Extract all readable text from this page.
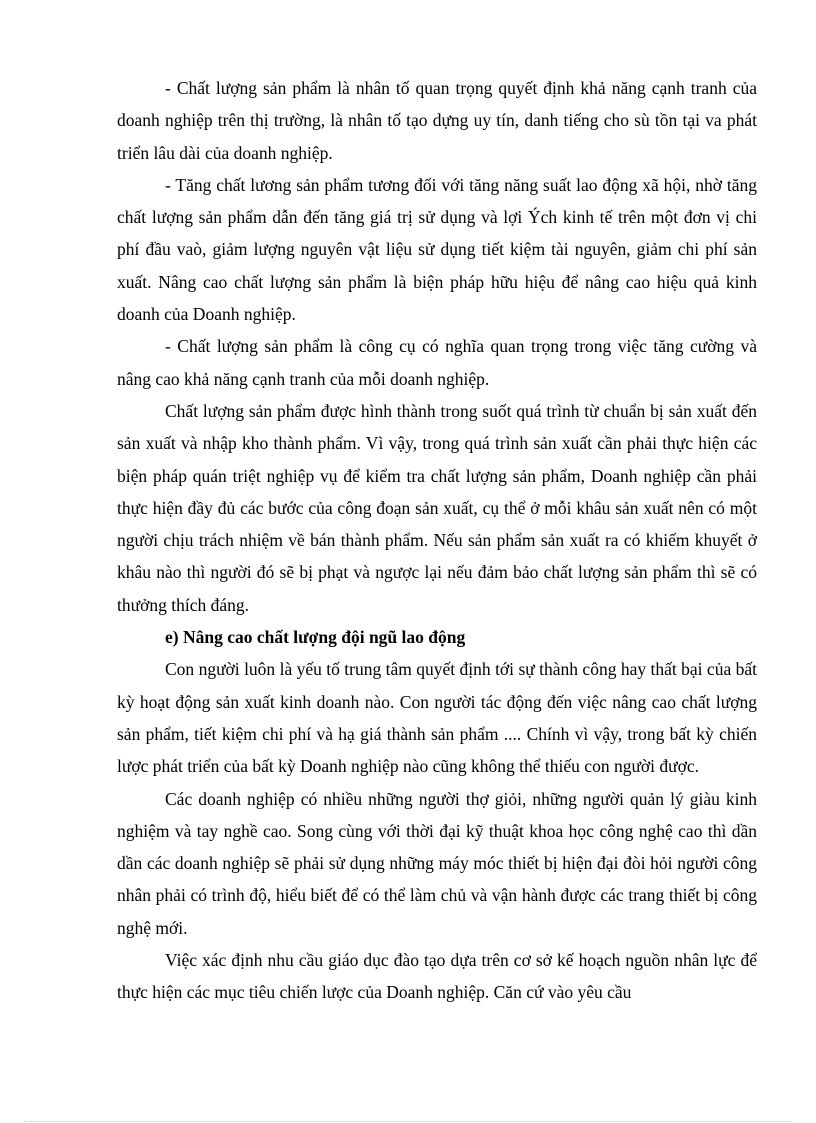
- Chất lượng sản phẩm là nhân tố quan trọng quyết định khả năng cạnh tranh của doanh nghiệp trên thị trường, là nhân tố tạo dựng uy tín, danh tiếng cho sù tồn tại va phát triển lâu dài của doanh nghiệp.

- Tăng chất lương sản phẩm tương đối với tăng năng suất lao động xã hội, nhờ tăng chất lượng sản phẩm dẫn đến tăng giá trị sử dụng và lợi Ých kinh tế trên một đơn vị chi phí đầu vaò, giảm lượng nguyên vật liệu sử dụng tiết kiệm tài nguyên, giảm chi phí sản xuất. Nâng cao chất lượng sản phẩm là biện pháp hữu hiệu để nâng cao hiệu quả kinh doanh của Doanh nghiệp.

- Chất lượng sản phẩm là công cụ có nghĩa quan trọng trong việc tăng cường và nâng cao khả năng cạnh tranh của mỗi doanh nghiệp.

Chất lượng sản phẩm được hình thành trong suốt quá trình từ chuẩn bị sản xuất đến sản xuất và nhập kho thành phẩm. Vì vậy, trong quá trình sản xuất cần phải thực hiện các biện pháp quán triệt nghiệp vụ để kiểm tra chất lượng sản phẩm, Doanh nghiệp cần phải thực hiện đầy đủ các bước của công đoạn sản xuất, cụ thể ở mỗi khâu sản xuất nên có một người chịu trách nhiệm về bán thành phẩm. Nếu sản phẩm sản xuất ra có khiếm khuyết ở khâu nào thì người đó sẽ bị phạt và ngược lại nếu đảm bảo chất lượng sản phẩm thì sẽ có thưởng thích đáng.

e) Nâng cao chất lượng đội ngũ lao động

Con người luôn là yếu tố trung tâm quyết định tới sự thành công hay thất bại của bất kỳ hoạt động sản xuất kinh doanh nào. Con người tác động đến việc nâng cao chất lượng sản phẩm, tiết kiệm chi phí và hạ giá thành sản phẩm .... Chính vì vậy, trong bất kỳ chiến lược phát triển của bất kỳ Doanh nghiệp nào cũng không thể thiếu con người được.

Các doanh nghiệp có nhiều những người thợ giỏi, những người quản lý giàu kinh nghiệm và tay nghề cao. Song cùng với thời đại kỹ thuật khoa học công nghệ cao thì dần dần các doanh nghiệp sẽ phải sử dụng những máy móc thiết bị hiện đại đòi hỏi người công nhân phải có trình độ, hiểu biết để có thể làm chủ và vận hành được các trang thiết bị công nghệ mới.

Việc xác định nhu cầu giáo dục đào tạo dựa trên cơ sở kế hoạch nguồn nhân lực để thực hiện các mục tiêu chiến lược của Doanh nghiệp. Căn cứ vào yêu cầu
